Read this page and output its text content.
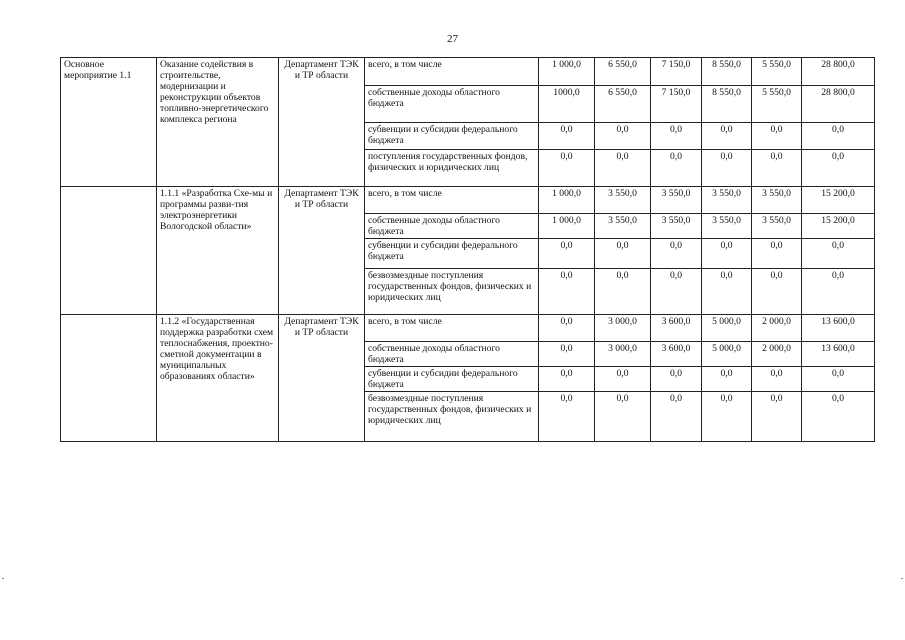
27
Основное мероприятие 1.1	Оказание содействия в строительстве, модернизации и реконструкции объектов топливно-энергетического комплекса региона	Департамент ТЭК и ТР области	всего, в том числе	1 000,0	6 550,0	7 150,0	8 550,0	5 550,0	28 800,0
			собственные доходы областного бюджета	1000,0	6 550,0	7 150,0	8 550,0	5 550,0	28 800,0
			субвенции и субсидии федерального бюджета	0,0	0,0	0,0	0,0	0,0	0,0
			поступления государственных фондов, физических и юридических лиц	0,0	0,0	0,0	0,0	0,0	0,0
	1.1.1 «Разработка Схе-мы и программы разви-тия электроэнергетики Вологодской области»	Департамент ТЭК и ТР области	всего, в том числе	1 000,0	3 550,0	3 550,0	3 550,0	3 550,0	15 200,0
			собственные доходы областного бюджета	1 000,0	3 550,0	3 550,0	3 550,0	3 550,0	15 200,0
			субвенции и субсидии федерального бюджета	0,0	0,0	0,0	0,0	0,0	0,0
			безвозмездные поступления государственных фондов, физических и юридических лиц	0,0	0,0	0,0	0,0	0,0	0,0
	1.1.2 «Государственная поддержка разработки схем теплоснабжения, проектно-сметной документации в муниципальных образованиях области»	Департамент ТЭК и ТР области	всего, в том числе	0,0	3 000,0	3 600,0	5 000,0	2 000,0	13 600,0
			собственные доходы областного бюджета	0,0	3 000,0	3 600,0	5 000,0	2 000,0	13 600,0
			субвенции и субсидии федерального бюджета	0,0	0,0	0,0	0,0	0,0	0,0
			безвозмездные поступления государственных фондов, физических и юридических лиц	0,0	0,0	0,0	0,0	0,0	0,0
